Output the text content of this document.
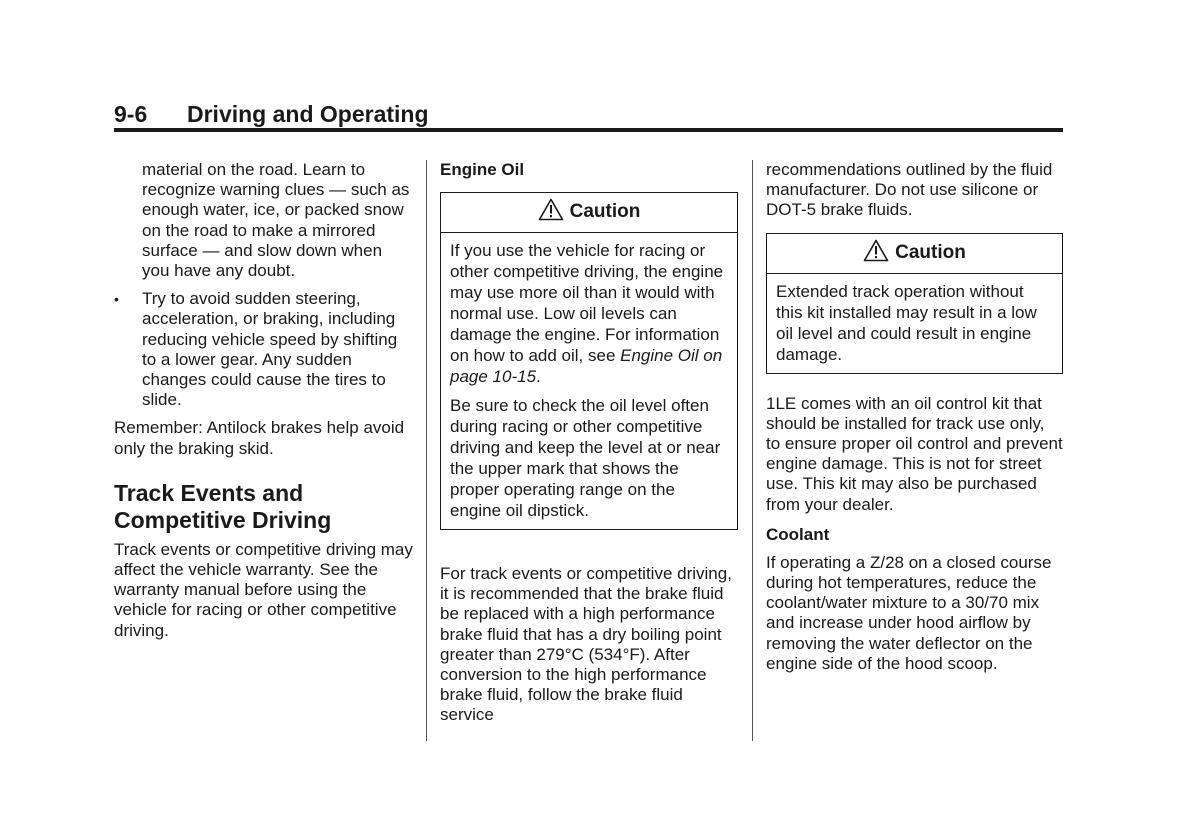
9-6 Driving and Operating

material on the road. Learn to recognize warning clues — such as enough water, ice, or packed snow on the road to make a mirrored surface — and slow down when you have any doubt.

• Try to avoid sudden steering, acceleration, or braking, including reducing vehicle speed by shifting to a lower gear. Any sudden changes could cause the tires to slide.

Remember: Antilock brakes help avoid only the braking skid.

Track Events and Competitive Driving

Track events or competitive driving may affect the vehicle warranty. See the warranty manual before using the vehicle for racing or other competitive driving.

Engine Oil

Caution

If you use the vehicle for racing or other competitive driving, the engine may use more oil than it would with normal use. Low oil levels can damage the engine. For information on how to add oil, see Engine Oil on page 10-15.

Be sure to check the oil level often during racing or other competitive driving and keep the level at or near the upper mark that shows the proper operating range on the engine oil dipstick.

For track events or competitive driving, it is recommended that the brake fluid be replaced with a high performance brake fluid that has a dry boiling point greater than 279°C (534°F). After conversion to the high performance brake fluid, follow the brake fluid service

recommendations outlined by the fluid manufacturer. Do not use silicone or DOT-5 brake fluids.

Caution

Extended track operation without this kit installed may result in a low oil level and could result in engine damage.

1LE comes with an oil control kit that should be installed for track use only, to ensure proper oil control and prevent engine damage. This is not for street use. This kit may also be purchased from your dealer.

Coolant

If operating a Z/28 on a closed course during hot temperatures, reduce the coolant/water mixture to a 30/70 mix and increase under hood airflow by removing the water deflector on the engine side of the hood scoop.
